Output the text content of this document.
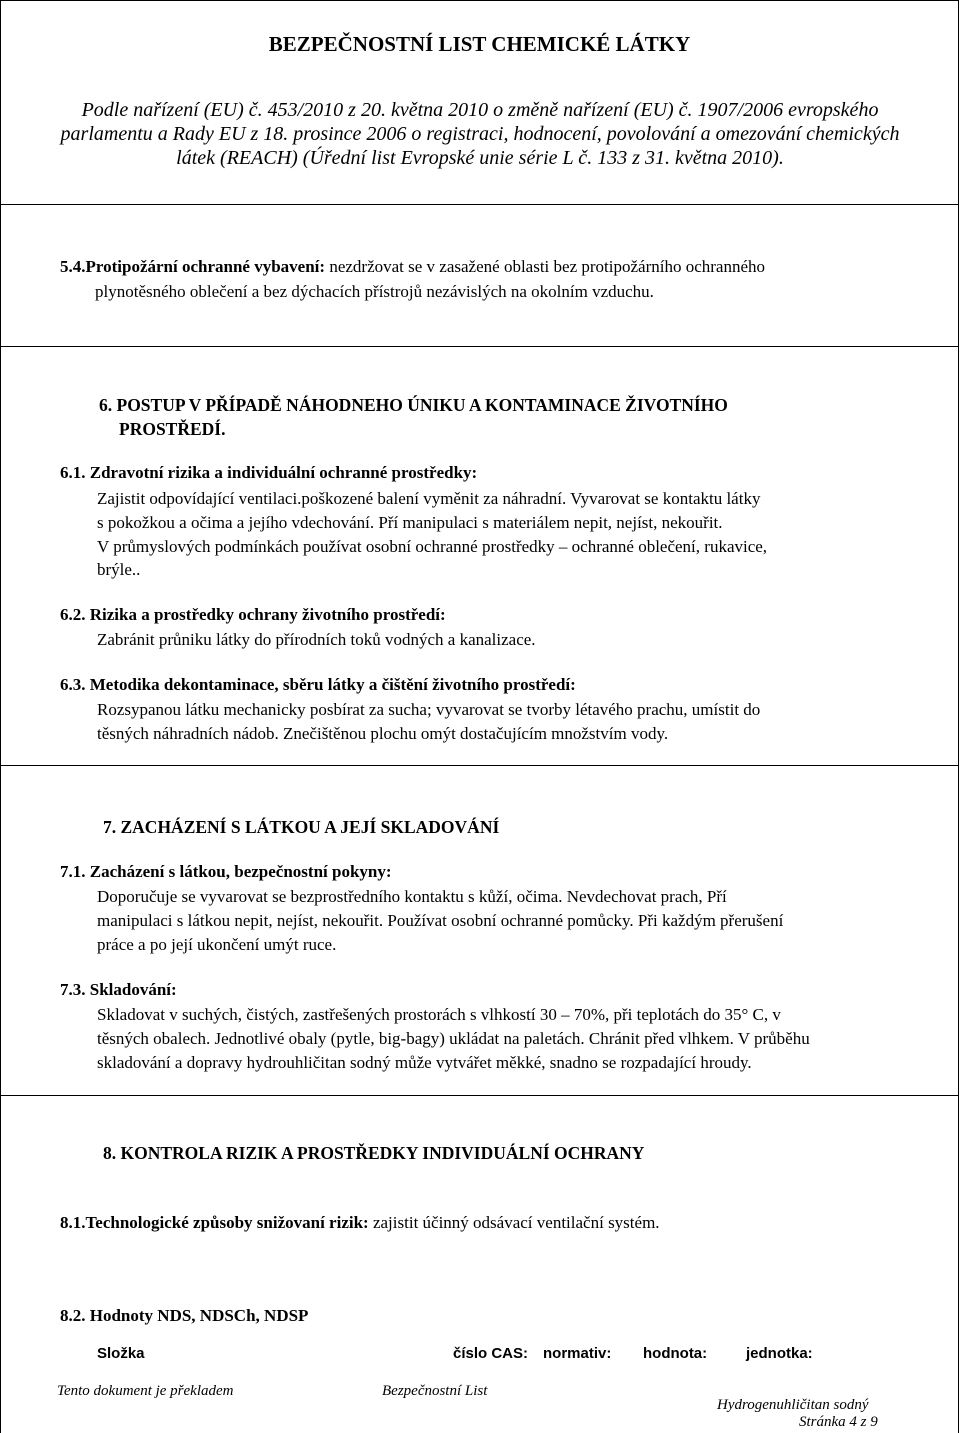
BEZPEČNOSTNÍ LIST CHEMICKÉ LÁTKY
Podle nařízení (EU) č. 453/2010 z 20. května 2010 o změně nařízení (EU) č. 1907/2006 evropského
parlamentu a Rady EU z 18. prosince 2006 o registraci, hodnocení, povolování a omezování chemických
látek (REACH) (Úřední list Evropské unie série L č. 133 z 31. května 2010).
5.4.Protipožární ochranné vybavení: nezdržovat se v zasažené oblasti bez protipožárního ochranného
plynotěsného oblečení a bez dýchacích přístrojů nezávislých na okolním vzduchu.
6. POSTUP V PŘÍPADĚ NÁHODNEHO ÚNIKU A KONTAMINACE ŽIVOTNÍHO
PROSTŘEDÍ.
6.1. Zdravotní rizika a individuální ochranné prostředky:
Zajistit odpovídající ventilaci.poškozené balení vyměnit za náhradní. Vyvarovat se kontaktu látky
s pokožkou a očima a jejího vdechování. Pří manipulaci s materiálem nepit, nejíst, nekouřit.
V průmyslových podmínkách používat osobní ochranné prostředky – ochranné oblečení, rukavice,
brýle..
6.2. Rizika a prostředky ochrany životního prostředí:
Zabránit průniku látky do přírodních toků vodných a kanalizace.
6.3. Metodika dekontaminace, sběru látky a čištění životního prostředí:
Rozsypanou látku mechanicky posbírat za sucha; vyvarovat se tvorby létavého prachu, umístit do
těsných náhradních nádob. Znečištěnou plochu omýt dostačujícím množstvím vody.
7. ZACHÁZENÍ S LÁTKOU A JEJÍ SKLADOVÁNÍ
7.1. Zacházení s látkou, bezpečnostní pokyny:
Doporučuje se vyvarovat se bezprostředního kontaktu s kůží, očima. Nevdechovat prach, Pří
manipulaci s látkou nepit, nejíst, nekouřit. Používat osobní ochranné pomůcky. Při každým přerušení
práce a po její ukončení umýt ruce.
7.3. Skladování:
Skladovat v suchých, čistých, zastřešených prostorách s vlhkostí 30 – 70%, při teplotách do 35° C, v
těsných obalech. Jednotlivé obaly (pytle, big-bagy) ukládat na paletách. Chránit před vlhkem. V průběhu
skladování a dopravy hydrouhličitan sodný může vytvářet měkké, snadno se rozpadající hroudy.
8. KONTROLA RIZIK A PROSTŘEDKY INDIVIDUÁLNÍ OCHRANY
8.1.Technologické způsoby snižovaní rizik: zajistit účinný odsávací ventilační systém.
8.2. Hodnoty NDS, NDSCh, NDSP
Složka	číslo CAS: normativ: hodnota:	jednotka:
Tento dokument je překladem	Bezpečnostní List
Hydrogenuhličitan sodný
Stránka 4 z 9
